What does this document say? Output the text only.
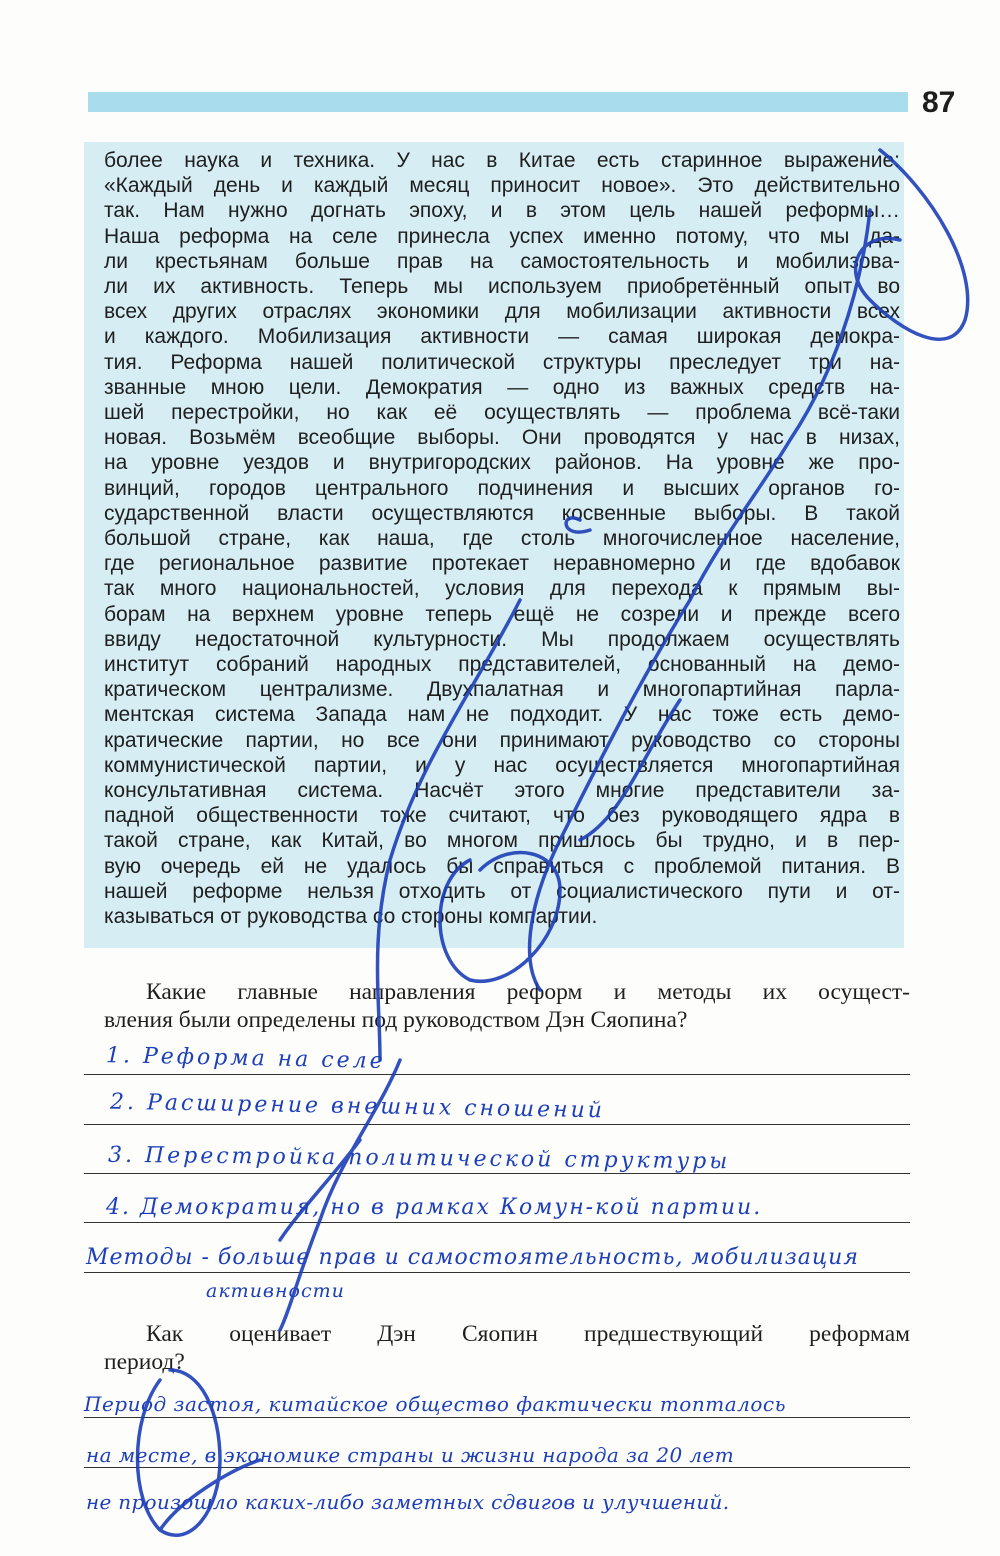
87
более наука и техника. У нас в Китае есть старинное выражение:
«Каждый день и каждый месяц приносит новое». Это действительно
так. Нам нужно догнать эпоху, и в этом цель нашей реформы…
Наша реформа на селе принесла успех именно потому, что мы да-
ли крестьянам больше прав на самостоятельность и мобилизова-
ли их активность. Теперь мы используем приобретённый опыт во
всех других отраслях экономики для мобилизации активности всех
и каждого. Мобилизация активности — самая широкая демокра-
тия. Реформа нашей политической структуры преследует три на-
званные мною цели. Демократия — одно из важных средств на-
шей перестройки, но как её осуществлять — проблема всё-таки
новая. Возьмём всеобщие выборы. Они проводятся у нас в низах,
на уровне уездов и внутригородских районов. На уровне же про-
винций, городов центрального подчинения и высших органов го-
сударственной власти осуществляются косвенные выборы. В такой
большой стране, как наша, где столь многочисленное население,
где региональное развитие протекает неравномерно и где вдобавок
так много национальностей, условия для перехода к прямым вы-
борам на верхнем уровне теперь ещё не созрели и прежде всего
ввиду недостаточной культурности. Мы продолжаем осуществлять
институт собраний народных представителей, основанный на демо-
кратическом централизме. Двухпалатная и многопартийная парла-
ментская система Запада нам не подходит. У нас тоже есть демо-
кратические партии, но все они принимают руководство со стороны
коммунистической партии, и у нас осуществляется многопартийная
консультативная система. Насчёт этого многие представители за-
падной общественности тоже считают, что без руководящего ядра в
такой стране, как Китай, во многом пришлось бы трудно, и в пер-
вую очередь ей не удалось бы справиться с проблемой питания. В
нашей реформе нельзя отходить от социалистического пути и от-
казываться от руководства со стороны компартии.
Какие главные направления реформ и методы их осущест-
вления были определены под руководством Дэн Сяопина?
1. Реформа на селе
2. Расширение внешних сношений
3. Перестройка политической структуры
4. Демократия, но в рамках Комун-кой партии.
Методы - больше прав и самостоятельность, мобилизация
активности
Как оценивает Дэн Сяопин предшествующий реформам
период?
Период застоя, китайское общество фактически топталось
на месте, в экономике страны и жизни народа за 20 лет
не произошло каких-либо заметных сдвигов и улучшений.
